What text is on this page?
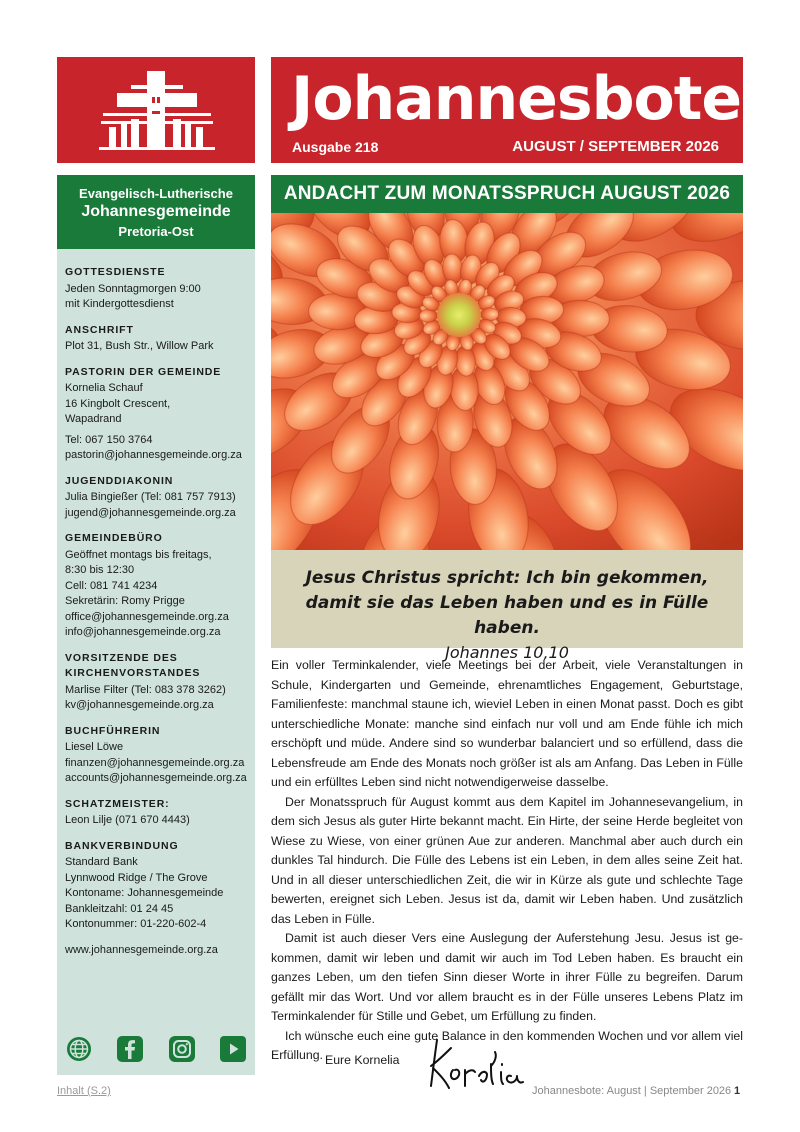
Johannesbote
Ausgabe 218	AUGUST / SEPTEMBER 2026
Evangelisch-Lutherische
Johannesgemeinde
Pretoria-Ost
GOTTESDIENSTE
Jeden Sonntagmorgen 9:00
mit Kindergottesdienst
ANSCHRIFT
Plot 31, Bush Str., Willow Park
PASTORIN DER GEMEINDE
Kornelia Schauf
16 Kingbolt Crescent,
Wapadrand
Tel: 067 150 3764
pastorin@johannesgemeinde.org.za
JUGENDDIAKONIN
Julia Bingießer (Tel: 081 757 7913)
jugend@johannesgemeinde.org.za
GEMEINDEBÜRO
Geöffnet montags bis freitags,
8:30 bis 12:30
Cell: 081 741 4234
Sekretärin: Romy Prigge
office@johannesgemeinde.org.za
info@johannesgemeinde.org.za
VORSITZENDE DES KIRCHENVORSTANDES
Marlise Filter (Tel: 083 378 3262)
kv@johannesgemeinde.org.za
BUCHFÜHRERIN
Liesel Löwe
finanzen@johannesgemeinde.org.za
accounts@johannesgemeinde.org.za
SCHATZMEISTER:
Leon Lilje (071 670 4443)
BANKVERBINDUNG
Standard Bank
Lynnwood Ridge / The Grove
Kontoname: Johannesgemeinde
Bankleitzahl: 01 24 45
Kontonummer: 01-220-602-4
www.johannesgemeinde.org.za
ANDACHT ZUM MONATSSPRUCH AUGUST 2026
Jesus Christus spricht: Ich bin gekommen,
damit sie das Leben haben und es in Fülle haben.
Johannes 10,10

Ein voller Terminkalender, viele Meetings bei der Arbeit, viele Veranstaltungen in Schule, Kindergarten und Gemeinde, ehrenamtliches Engagement, Geburtstage, Familienfeste: manchmal staune ich, wieviel Leben in einen Monat passt. Doch es gibt unterschiedliche Monate: manche sind einfach nur voll und am Ende fühle ich mich erschöpft und müde. Andere sind so wunderbar balanciert und so erfüllend, dass die Lebensfreude am Ende des Monats noch größer ist als am Anfang. Das Leben in Fülle und ein erfülltes Leben sind nicht notwendigerweise dasselbe.

Der Monatsspruch für August kommt aus dem Kapitel im Johannesevangelium, in dem sich Jesus als guter Hirte bekannt macht. Ein Hirte, der seine Herde begleitet von Wiese zu Wiese, von einer grünen Aue zur anderen. Manchmal aber auch durch ein dunkles Tal hindurch. Die Fülle des Lebens ist ein Leben, in dem alles seine Zeit hat. Und in all dieser unterschiedlichen Zeit, die wir in Kürze als gute und schlechte Tage bewerten, ereignet sich Leben. Jesus ist da, damit wir Leben haben. Und zusätzlich das Leben in Fülle.

Damit ist auch dieser Vers eine Auslegung der Auferstehung Jesu. Jesus ist gekommen, damit wir leben und damit wir auch im Tod Leben haben. Es braucht ein ganzes Leben, um den tiefen Sinn dieser Worte in ihrer Fülle zu begreifen. Darum gefällt mir das Wort. Und vor allem braucht es in der Fülle unseres Lebens Platz im Terminkalender für Stille und Gebet, um Erfüllung zu finden.

Ich wünsche euch eine gute Balance in den kommenden Wochen und vor allem viel Erfüllung. Eure Kornelia
Inhalt (S.2)	Johannesbote: August | September 2026 1
